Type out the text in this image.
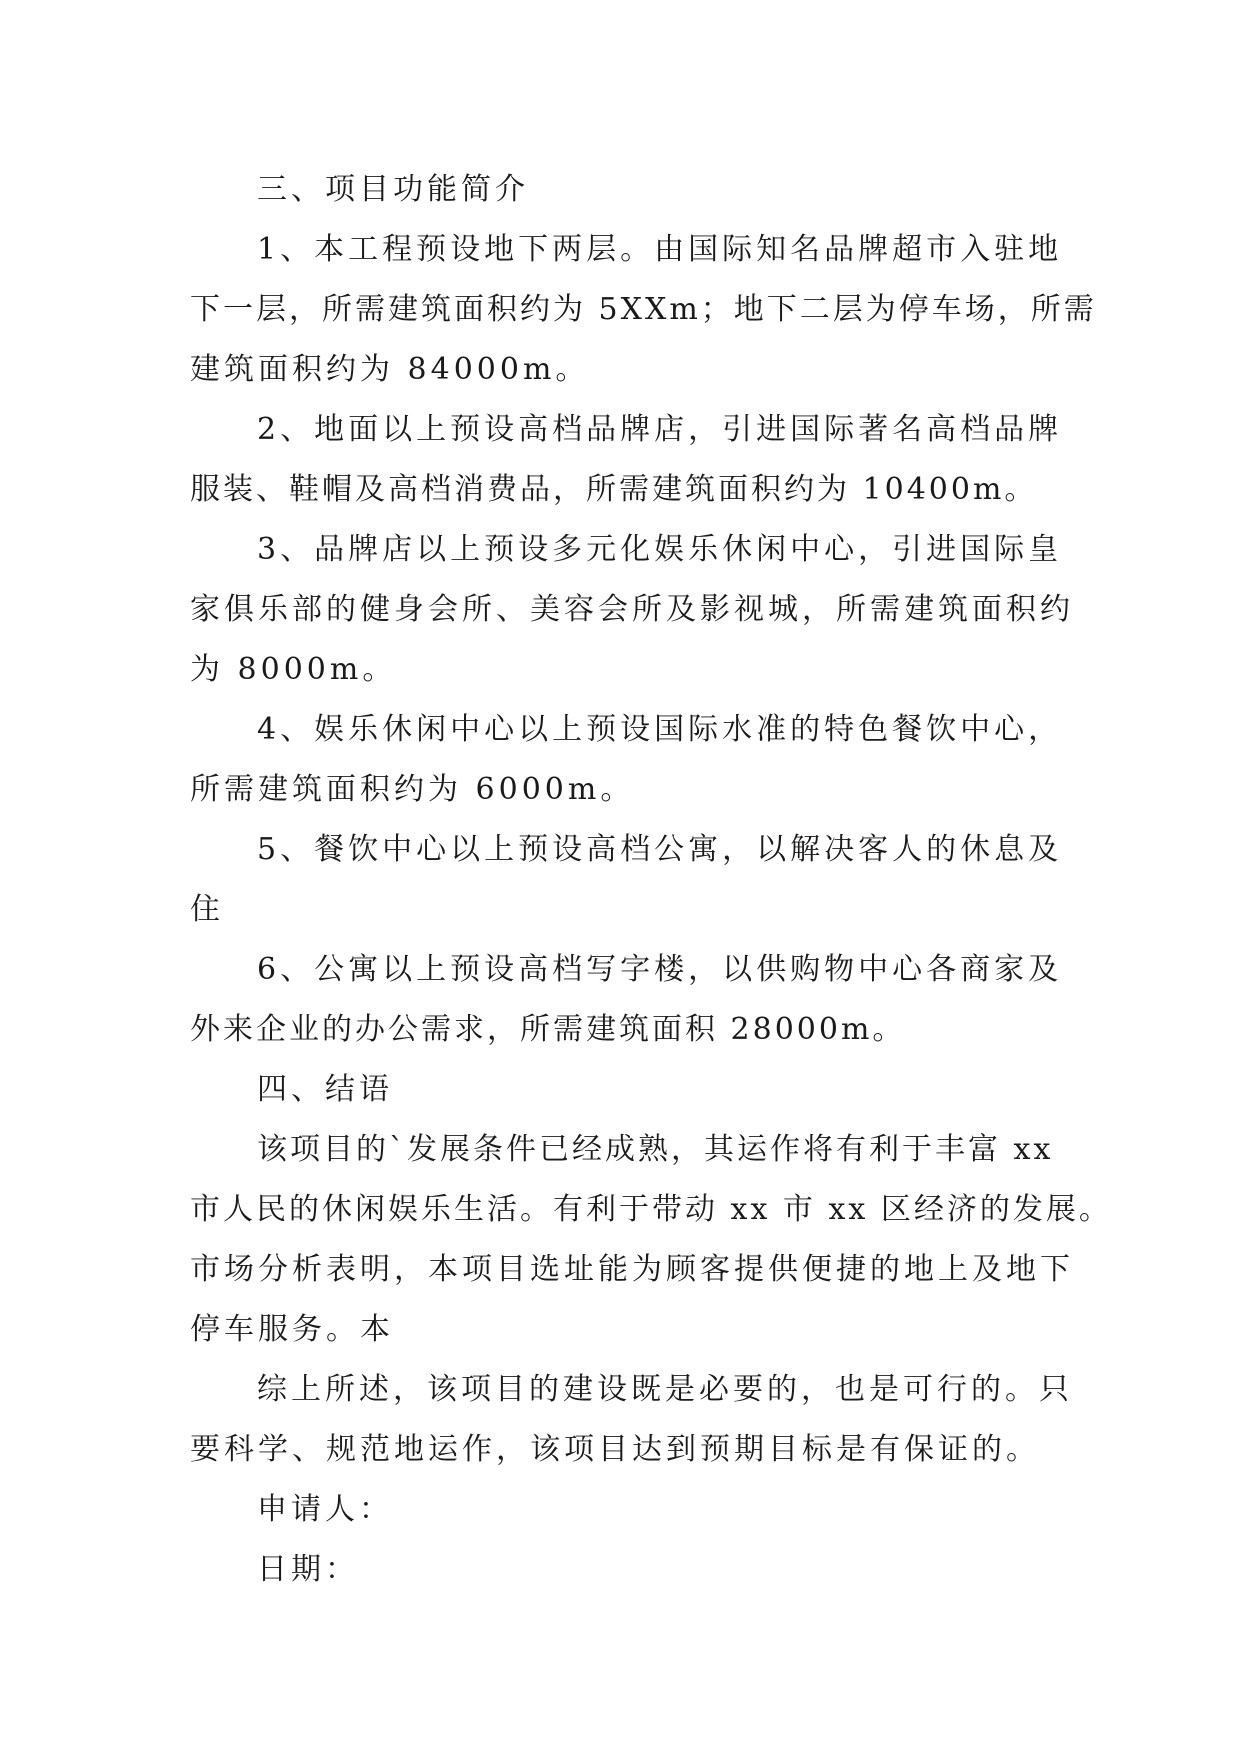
三、项目功能简介

1、本工程预设地下两层。由国际知名品牌超市入驻地
下一层，所需建筑面积约为 5XXm；地下二层为停车场，所需
建筑面积约为 84000m。

2、地面以上预设高档品牌店，引进国际著名高档品牌
服装、鞋帽及高档消费品，所需建筑面积约为 10400m。

3、品牌店以上预设多元化娱乐休闲中心，引进国际皇
家俱乐部的健身会所、美容会所及影视城，所需建筑面积约
为 8000m。

4、娱乐休闲中心以上预设国际水准的特色餐饮中心，
所需建筑面积约为 6000m。

5、餐饮中心以上预设高档公寓，以解决客人的休息及
住

6、公寓以上预设高档写字楼，以供购物中心各商家及
外来企业的办公需求，所需建筑面积 28000m。

四、结语

该项目的`发展条件已经成熟，其运作将有利于丰富 xx
市人民的休闲娱乐生活。有利于带动 xx 市 xx 区经济的发展。
市场分析表明，本项目选址能为顾客提供便捷的地上及地下
停车服务。本

综上所述，该项目的建设既是必要的，也是可行的。只
要科学、规范地运作，该项目达到预期目标是有保证的。

申请人：

日期：
